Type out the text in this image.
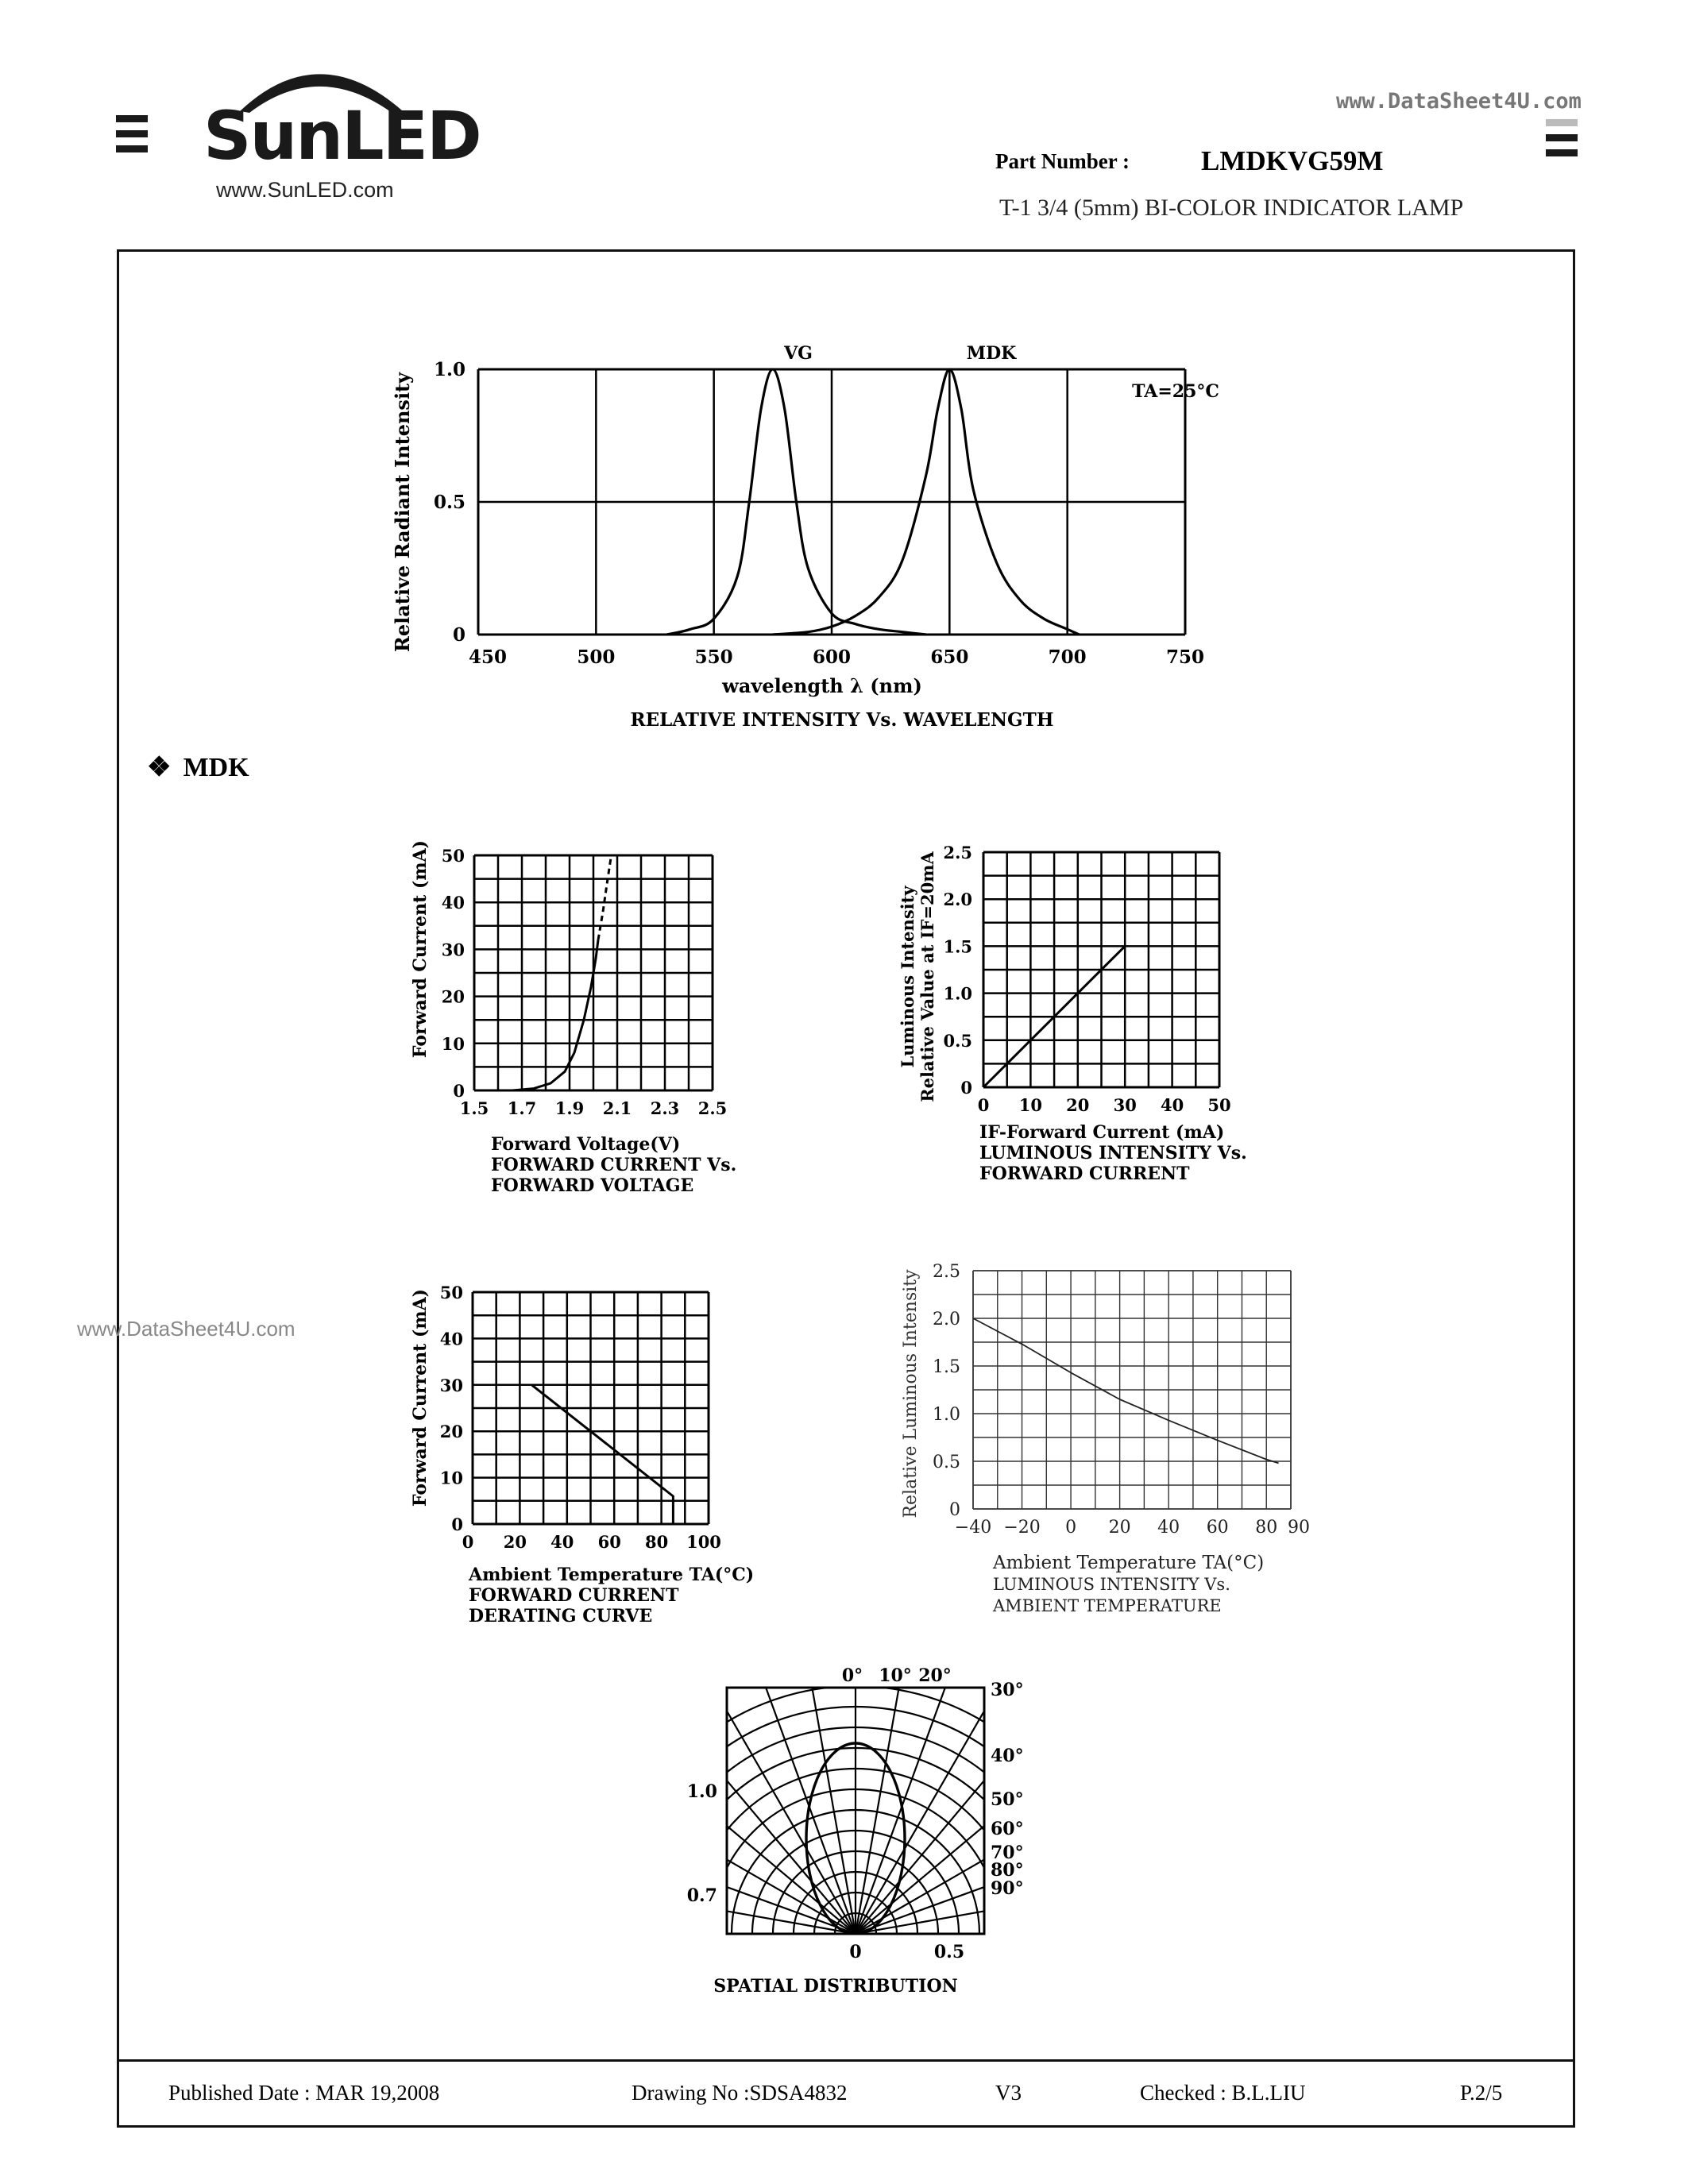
SunLED
www.SunLED.com
www.DataSheet4U.com
Part Number :	LMDKVG59M
T-1 3/4 (5mm) BI-COLOR INDICATOR LAMP
www.DataSheet4U.com
❖ MDK
450	500	550	600	650	700	750
0
0.5
1.0
Relative Radiant Intensity
wavelength λ (nm)
RELATIVE INTENSITY Vs. WAVELENGTH
TA=25°C
VG	MDK
1.5 1.7 1.9 2.1 2.3 2.5
0
10
20
30
40
50
Forward Current (mA)
Forward Voltage(V)
FORWARD CURRENT Vs.
FORWARD VOLTAGE
0 10 20 30 40 50
0
0.5
1.0
1.5
2.0
2.5
Luminous Intensity Relative Value at IF=20mA
IF-Forward Current (mA)
LUMINOUS INTENSITY Vs.
FORWARD CURRENT
0 20 40 60 80 100
0
10
20
30
40
50
Forward Current (mA)
Ambient Temperature TA(°C)
FORWARD CURRENT
DERATING CURVE
−40 −20 0 20 40 60 80 90
0
0.5
1.0
1.5
2.0
2.5
Relative Luminous Intensity
Ambient Temperature TA(°C)
LUMINOUS INTENSITY Vs.
AMBIENT TEMPERATURE
0° 10° 20°
30°
40°
50°
60°
70°
80°
90°
1.0
0.7
0	0.5
SPATIAL DISTRIBUTION
Published Date : MAR 19,2008	Drawing No :SDSA4832	V3	Checked : B.L.LIU	P.2/5
